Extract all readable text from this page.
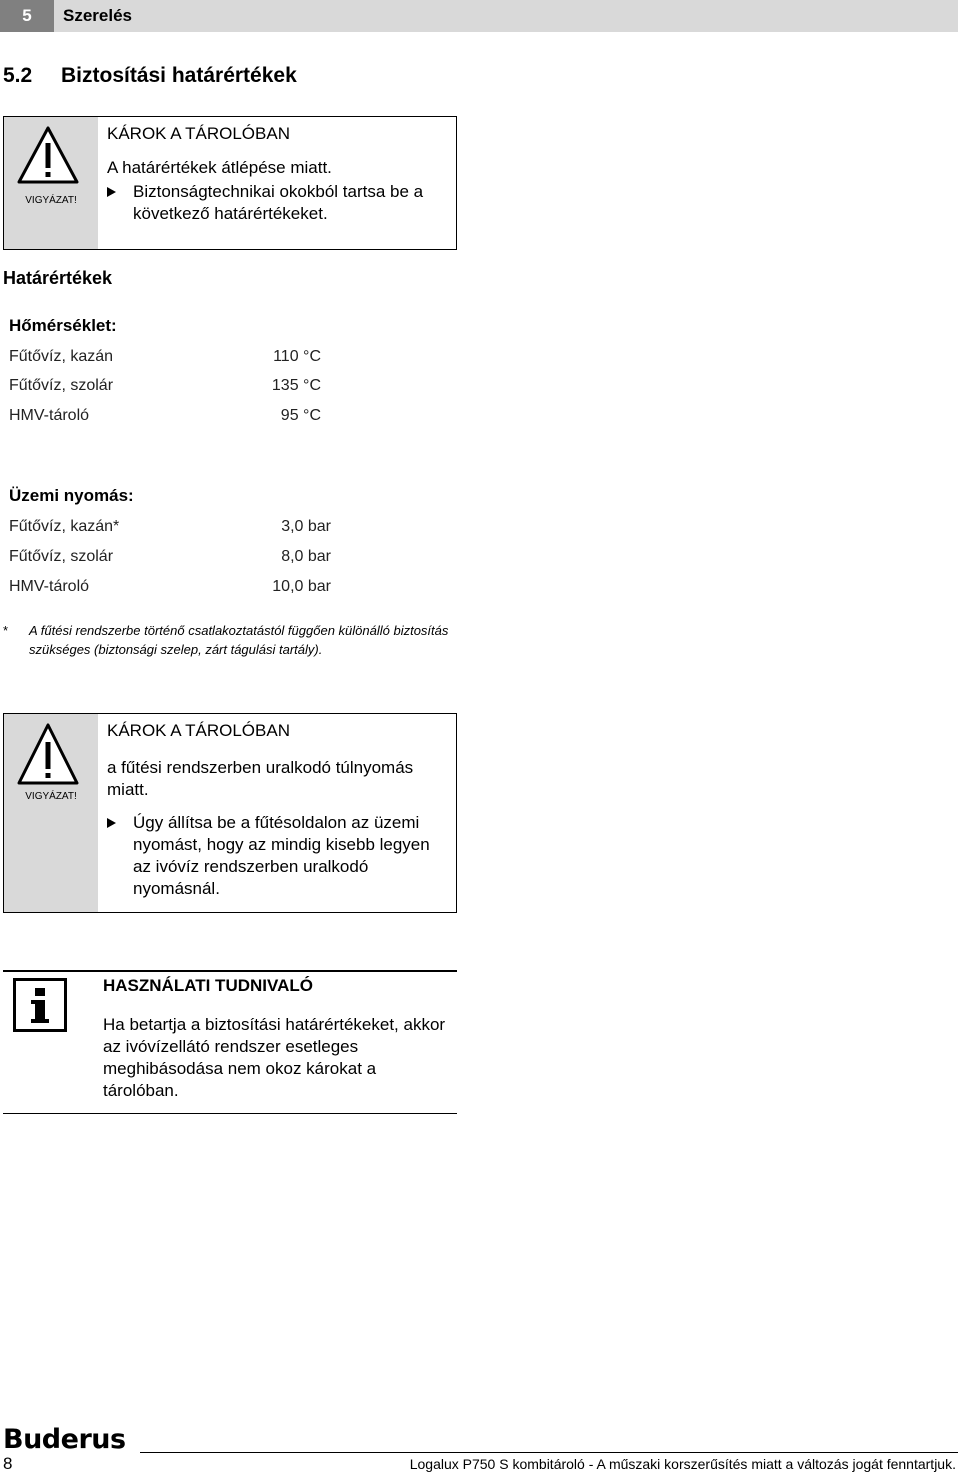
5	Szerelés
5.2 Biztosítási határértékek
VIGYÁZAT!
KÁROK A TÁROLÓBAN
A határértékek átlépése miatt.
Biztonságtechnikai okokból tartsa be a következő határértékeket.
Határértékek
Hőmérséklet:
Fűtővíz, kazán	110 °C
Fűtővíz, szolár	135 °C
HMV-tároló	95 °C
Üzemi nyomás:
Fűtővíz, kazán*	3,0 bar
Fűtővíz, szolár	8,0 bar
HMV-tároló	10,0 bar
*	A fűtési rendszerbe történő csatlakoztatástól függően különálló biztosítás szükséges (biztonsági szelep, zárt tágulási tartály).
VIGYÁZAT!
KÁROK A TÁROLÓBAN
a fűtési rendszerben uralkodó túlnyomás miatt.
Úgy állítsa be a fűtésoldalon az üzemi nyomást, hogy az mindig kisebb legyen az ivóvíz rendszerben uralkodó nyomásnál.
HASZNÁLATI TUDNIVALÓ
Ha betartja a biztosítási határértékeket, akkor az ivóvízellátó rendszer esetleges meghibásodása nem okoz károkat a tárolóban.
Buderus
8	Logalux P750 S kombitároló - A műszaki korszerűsítés miatt a változás jogát fenntartjuk.
